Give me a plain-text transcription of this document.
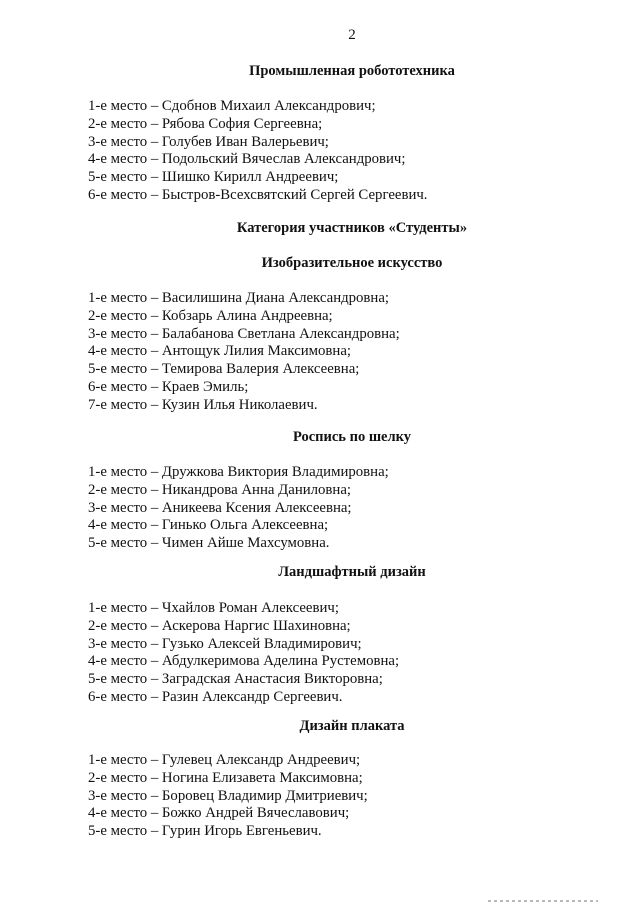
2
Промышленная робототехника
1-е место – Сдобнов Михаил Александрович;
2-е место – Рябова София Сергеевна;
3-е место – Голубев Иван Валерьевич;
4-е место – Подольский Вячеслав Александрович;
5-е место – Шишко Кирилл Андреевич;
6-е место – Быстров-Всехсвятский Сергей Сергеевич.
Категория участников «Студенты»
Изобразительное искусство
1-е место – Василишина Диана Александровна;
2-е место – Кобзарь Алина Андреевна;
3-е место – Балабанова Светлана Александровна;
4-е место – Антощук Лилия Максимовна;
5-е место – Темирова Валерия Алексеевна;
6-е место – Краев Эмиль;
7-е место – Кузин Илья Николаевич.
Роспись по шелку
1-е место – Дружкова Виктория Владимировна;
2-е место – Никандрова Анна Даниловна;
3-е место – Аникеева Ксения Алексеевна;
4-е место – Гинько Ольга Алексеевна;
5-е место – Чимен Айше Махсумовна.
Ландшафтный дизайн
1-е место – Чхайлов Роман Алексеевич;
2-е место – Аскерова Наргис Шахиновна;
3-е место – Гузько Алексей Владимирович;
4-е место – Абдулкеримова Аделина Рустемовна;
5-е место – Заградская Анастасия Викторовна;
6-е место – Разин Александр Сергеевич.
Дизайн плаката
1-е место – Гулевец Александр Андреевич;
2-е место – Ногина Елизавета Максимовна;
3-е место – Боровец Владимир Дмитриевич;
4-е место – Божко Андрей Вячеславович;
5-е место – Гурин Игорь Евгеньевич.
